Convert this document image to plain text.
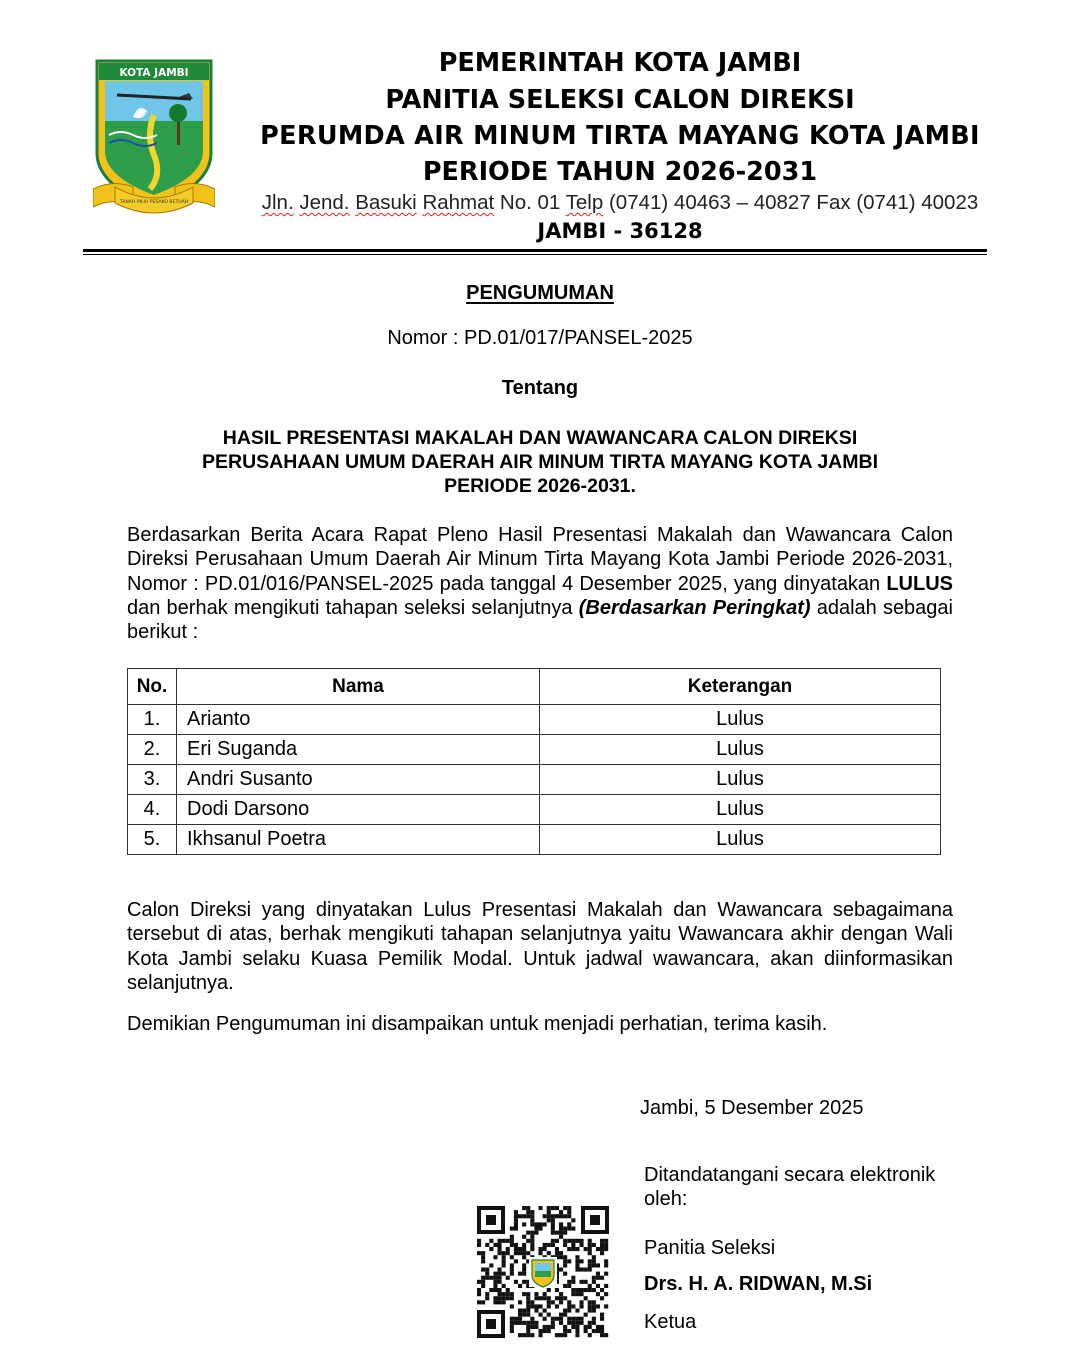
KOTA JAMBI
TANAH PILIH PESAKO BETUAH
PEMERINTAH KOTA JAMBI
PANITIA SELEKSI CALON DIREKSI
PERUMDA AIR MINUM TIRTA MAYANG KOTA JAMBI
PERIODE TAHUN 2026-2031
Jln. Jend. Basuki Rahmat No. 01 Telp (0741) 40463 – 40827 Fax (0741) 40023
JAMBI - 36128
PENGUMUMAN
Nomor : PD.01/017/PANSEL-2025
Tentang
HASIL PRESENTASI MAKALAH DAN WAWANCARA CALON DIREKSI
PERUSAHAAN UMUM DAERAH AIR MINUM TIRTA MAYANG KOTA JAMBI
PERIODE 2026-2031.
Berdasarkan Berita Acara Rapat Pleno Hasil Presentasi Makalah dan Wawancara Calon Direksi Perusahaan Umum Daerah Air Minum Tirta Mayang Kota Jambi Periode 2026-2031, Nomor : PD.01/016/PANSEL-2025 pada tanggal 4 Desember 2025, yang dinyatakan LULUS dan berhak mengikuti tahapan seleksi selanjutnya (Berdasarkan Peringkat) adalah sebagai berikut :
No.	Nama	Keterangan
1.	Arianto	Lulus
2.	Eri Suganda	Lulus
3.	Andri Susanto	Lulus
4.	Dodi Darsono	Lulus
5.	Ikhsanul Poetra	Lulus
Calon Direksi yang dinyatakan Lulus Presentasi Makalah dan Wawancara sebagaimana tersebut di atas, berhak mengikuti tahapan selanjutnya yaitu Wawancara akhir dengan Wali Kota Jambi selaku Kuasa Pemilik Modal. Untuk jadwal wawancara, akan diinformasikan selanjutnya.
Demikian Pengumuman ini disampaikan untuk menjadi perhatian, terima kasih.
Jambi, 5 Desember 2025
Ditandatangani secara elektronik oleh:
Panitia Seleksi
Drs. H. A. RIDWAN, M.Si
Ketua
